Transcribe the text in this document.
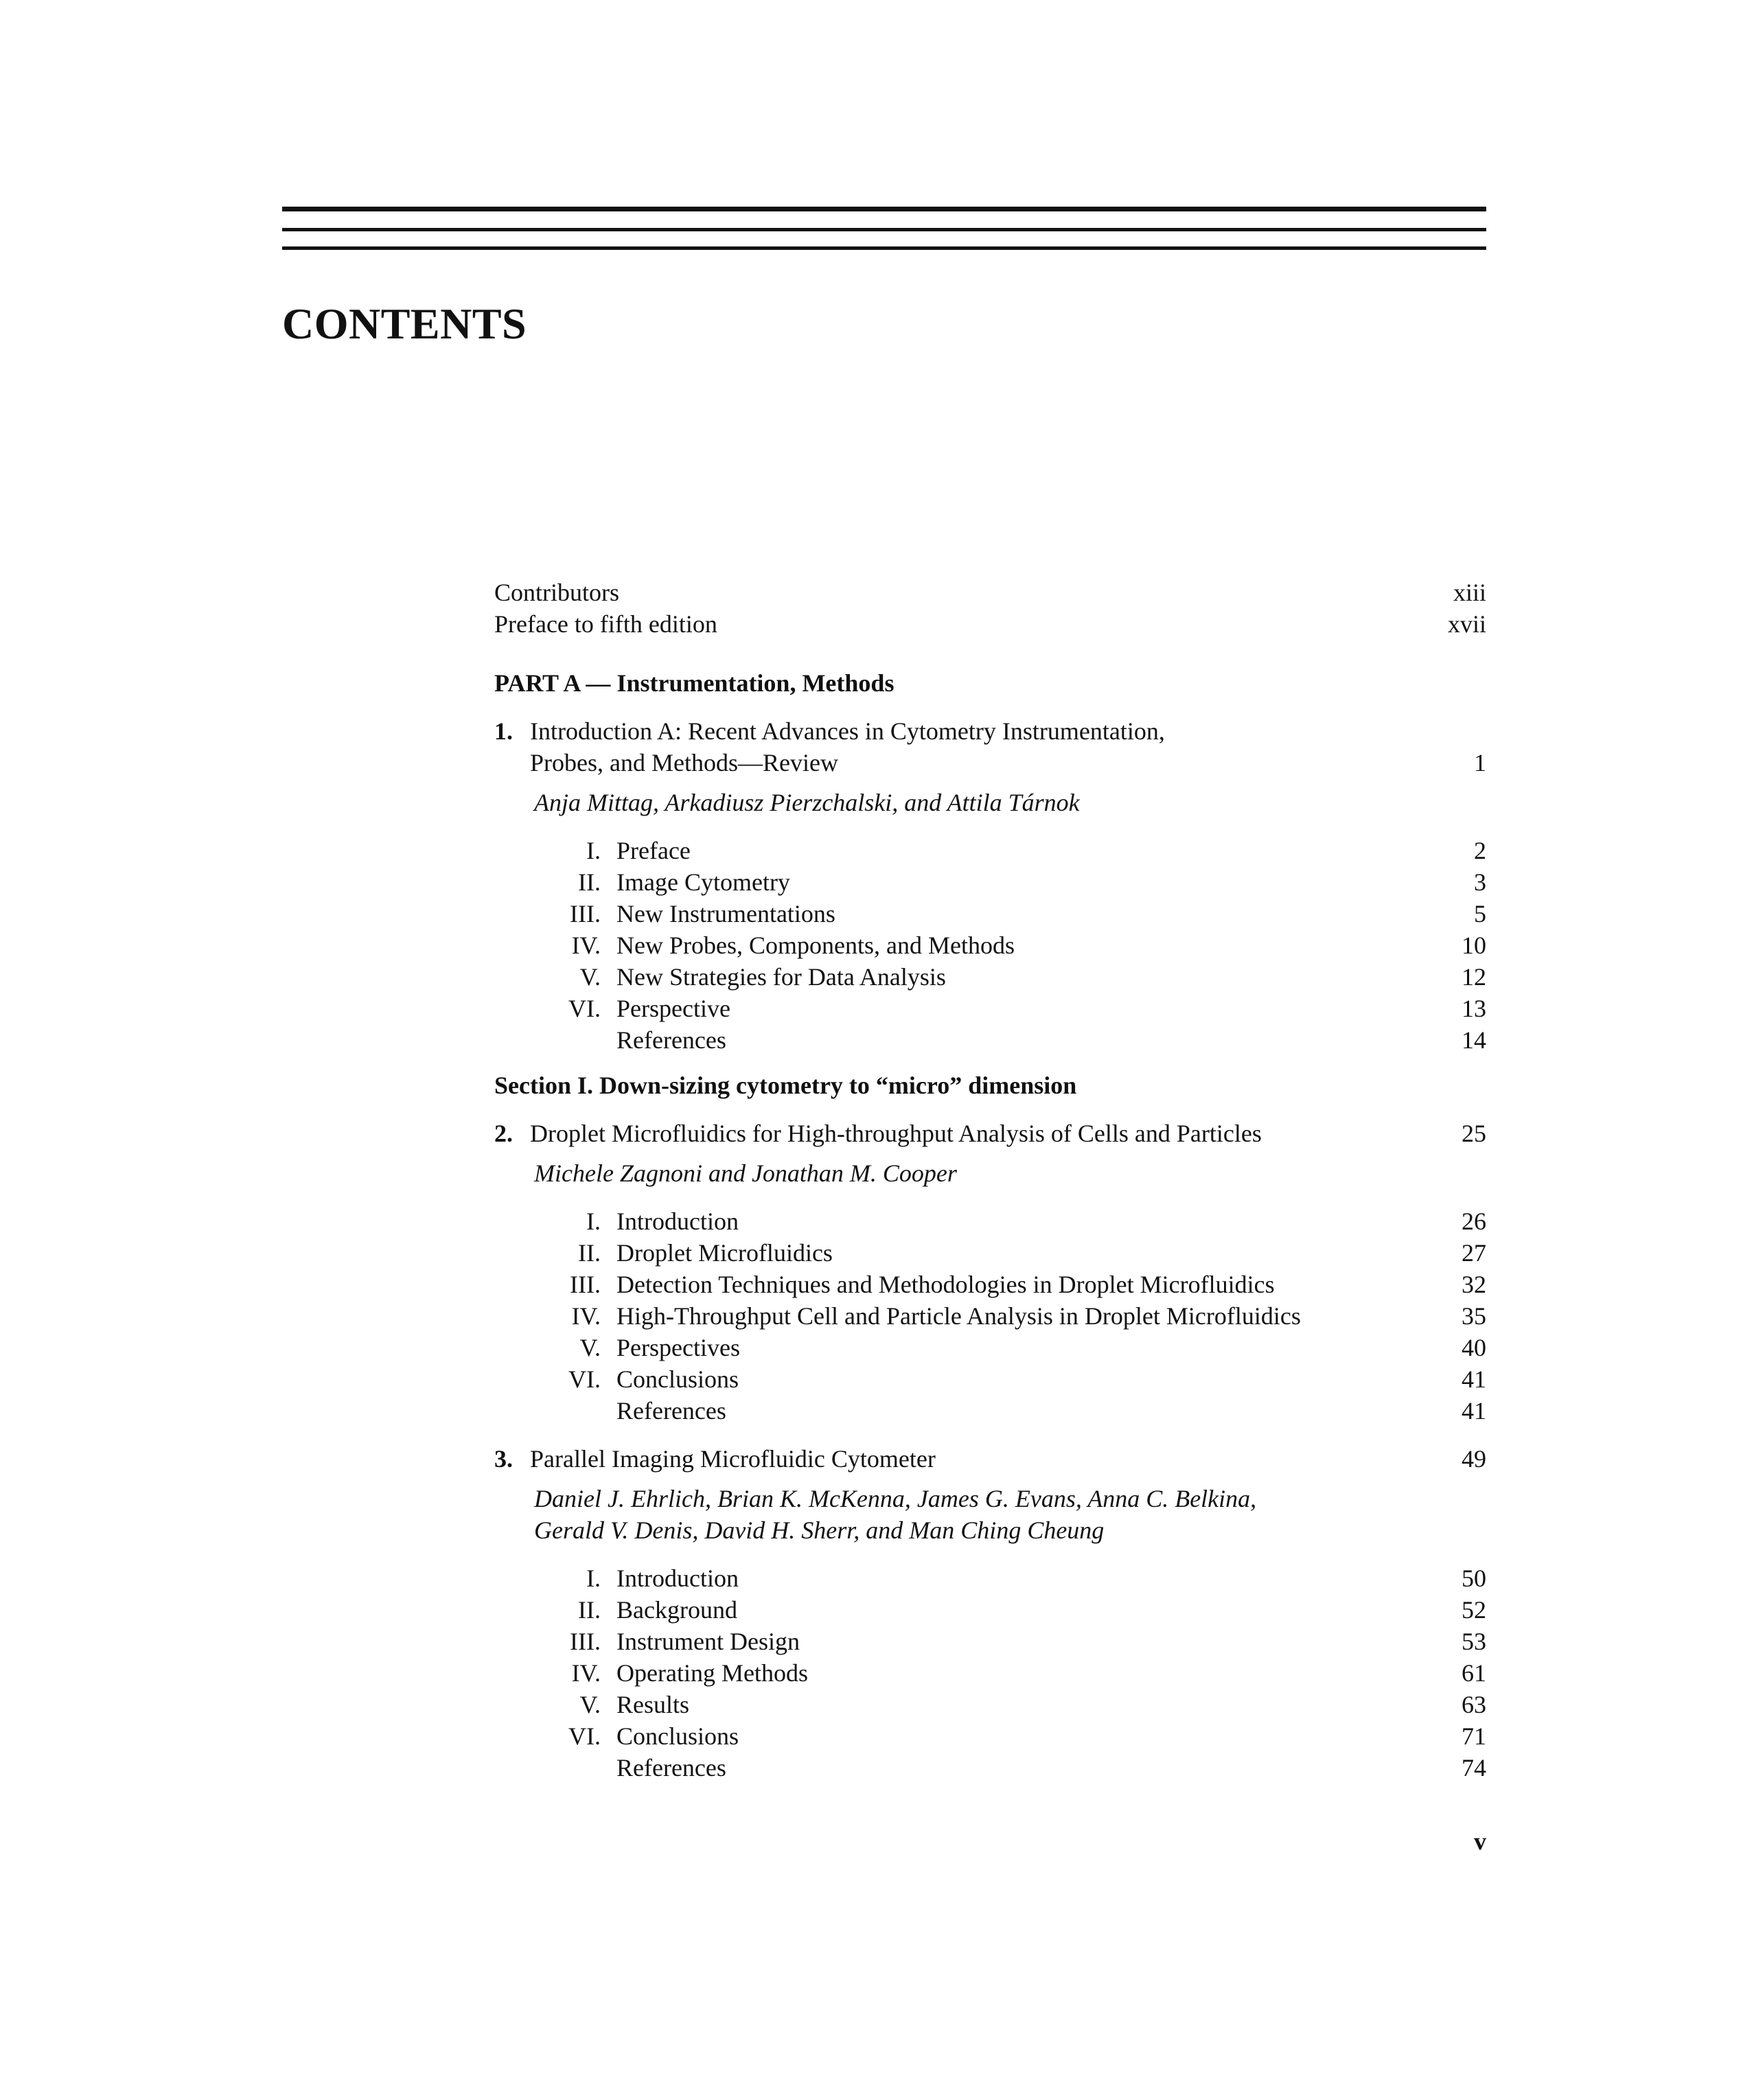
CONTENTS
Contributors	xiii
Preface to fifth edition	xvii
PART A — Instrumentation, Methods
1. Introduction A: Recent Advances in Cytometry Instrumentation,
Probes, and Methods—Review	1
Anja Mittag, Arkadiusz Pierzchalski, and Attila Tárnok
I. Preface	2
II. Image Cytometry	3
III. New Instrumentations	5
IV. New Probes, Components, and Methods	10
V. New Strategies for Data Analysis	12
VI. Perspective	13
References	14
Section I. Down-sizing cytometry to “micro” dimension
2. Droplet Microfluidics for High-throughput Analysis of Cells and Particles	25
Michele Zagnoni and Jonathan M. Cooper
I. Introduction	26
II. Droplet Microfluidics	27
III. Detection Techniques and Methodologies in Droplet Microfluidics	32
IV. High-Throughput Cell and Particle Analysis in Droplet Microfluidics	35
V. Perspectives	40
VI. Conclusions	41
References	41
3. Parallel Imaging Microfluidic Cytometer	49
Daniel J. Ehrlich, Brian K. McKenna, James G. Evans, Anna C. Belkina,
Gerald V. Denis, David H. Sherr, and Man Ching Cheung
I. Introduction	50
II. Background	52
III. Instrument Design	53
IV. Operating Methods	61
V. Results	63
VI. Conclusions	71
References	74
v
